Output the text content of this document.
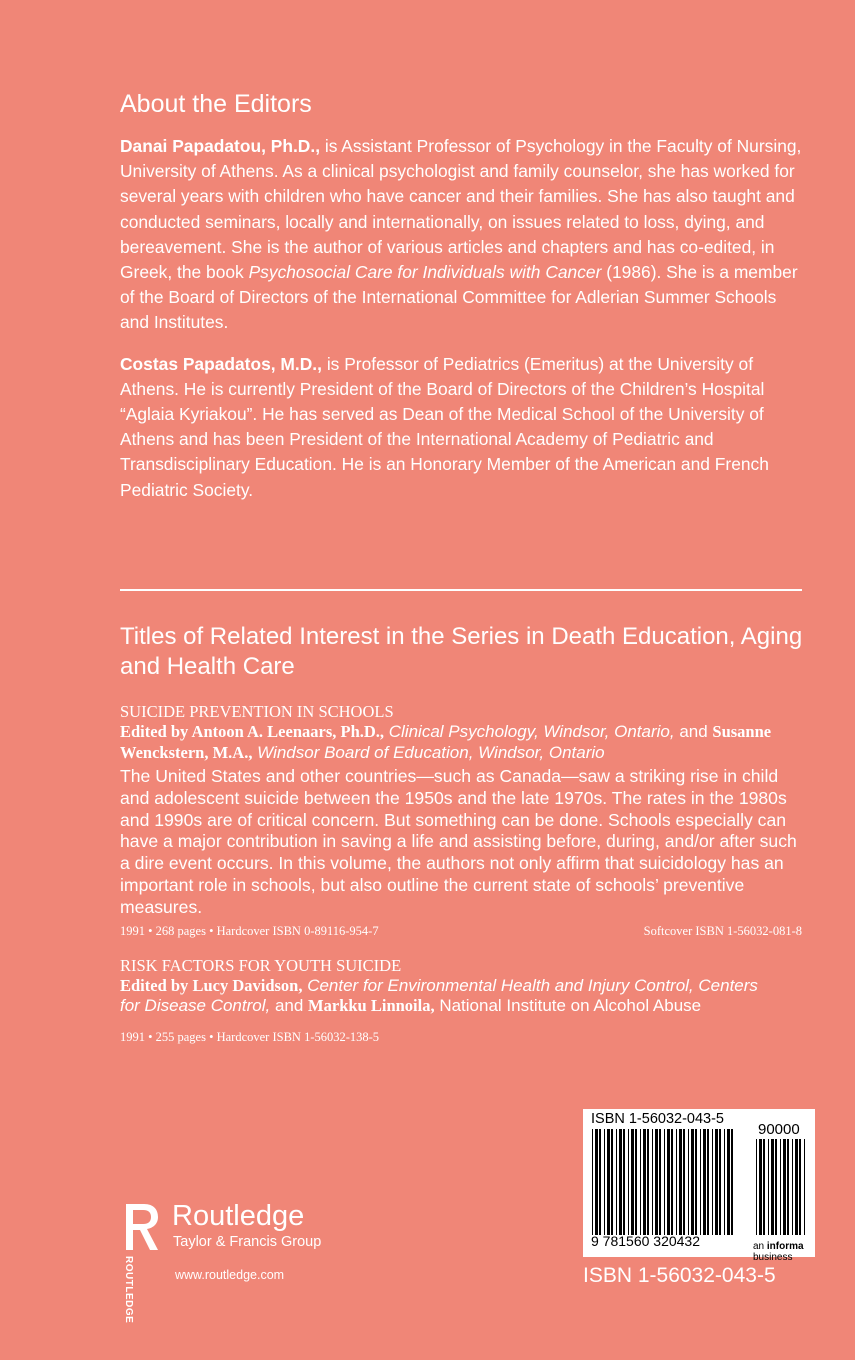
About the Editors

Danai Papadatou, Ph.D., is Assistant Professor of Psychology in the Faculty of Nursing, University of Athens. As a clinical psychologist and family counselor, she has worked for several years with children who have cancer and their families. She has also taught and conducted seminars, locally and internationally, on issues related to loss, dying, and bereavement. She is the author of various articles and chapters and has co-edited, in Greek, the book Psychosocial Care for Individuals with Cancer (1986). She is a member of the Board of Directors of the International Committee for Adlerian Summer Schools and Institutes.

Costas Papadatos, M.D., is Professor of Pediatrics (Emeritus) at the University of Athens. He is currently President of the Board of Directors of the Children’s Hospital “Aglaia Kyriakou”. He has served as Dean of the Medical School of the University of Athens and has been President of the International Academy of Pediatric and Transdisciplinary Education. He is an Honorary Member of the American and French Pediatric Society.

Titles of Related Interest in the Series in Death Education, Aging and Health Care

SUICIDE PREVENTION IN SCHOOLS

Edited by Antoon A. Leenaars, Ph.D., Clinical Psychology, Windsor, Ontario, and Susanne Wenckstern, M.A., Windsor Board of Education, Windsor, Ontario

The United States and other countries—such as Canada—saw a striking rise in child and adolescent suicide between the 1950s and the late 1970s. The rates in the 1980s and 1990s are of critical concern. But something can be done. Schools especially can have a major contribution in saving a life and assisting before, during, and/or after such a dire event occurs. In this volume, the authors not only affirm that suicidology has an important role in schools, but also outline the current state of schools’ preventive measures.

1991 • 268 pages • Hardcover ISBN 0-89116-954-7	Softcover ISBN 1-56032-081-8

RISK FACTORS FOR YOUTH SUICIDE

Edited by Lucy Davidson, Center for Environmental Health and Injury Control, Centers for Disease Control, and Markku Linnoila, National Institute on Alcohol Abuse

1991 • 255 pages • Hardcover ISBN 1-56032-138-5
ROUTLEDGE
Routledge
Taylor & Francis Group
www.routledge.com
ISBN 1-56032-043-5
90000
9 781560 320432	an informa business
ISBN 1-56032-043-5
